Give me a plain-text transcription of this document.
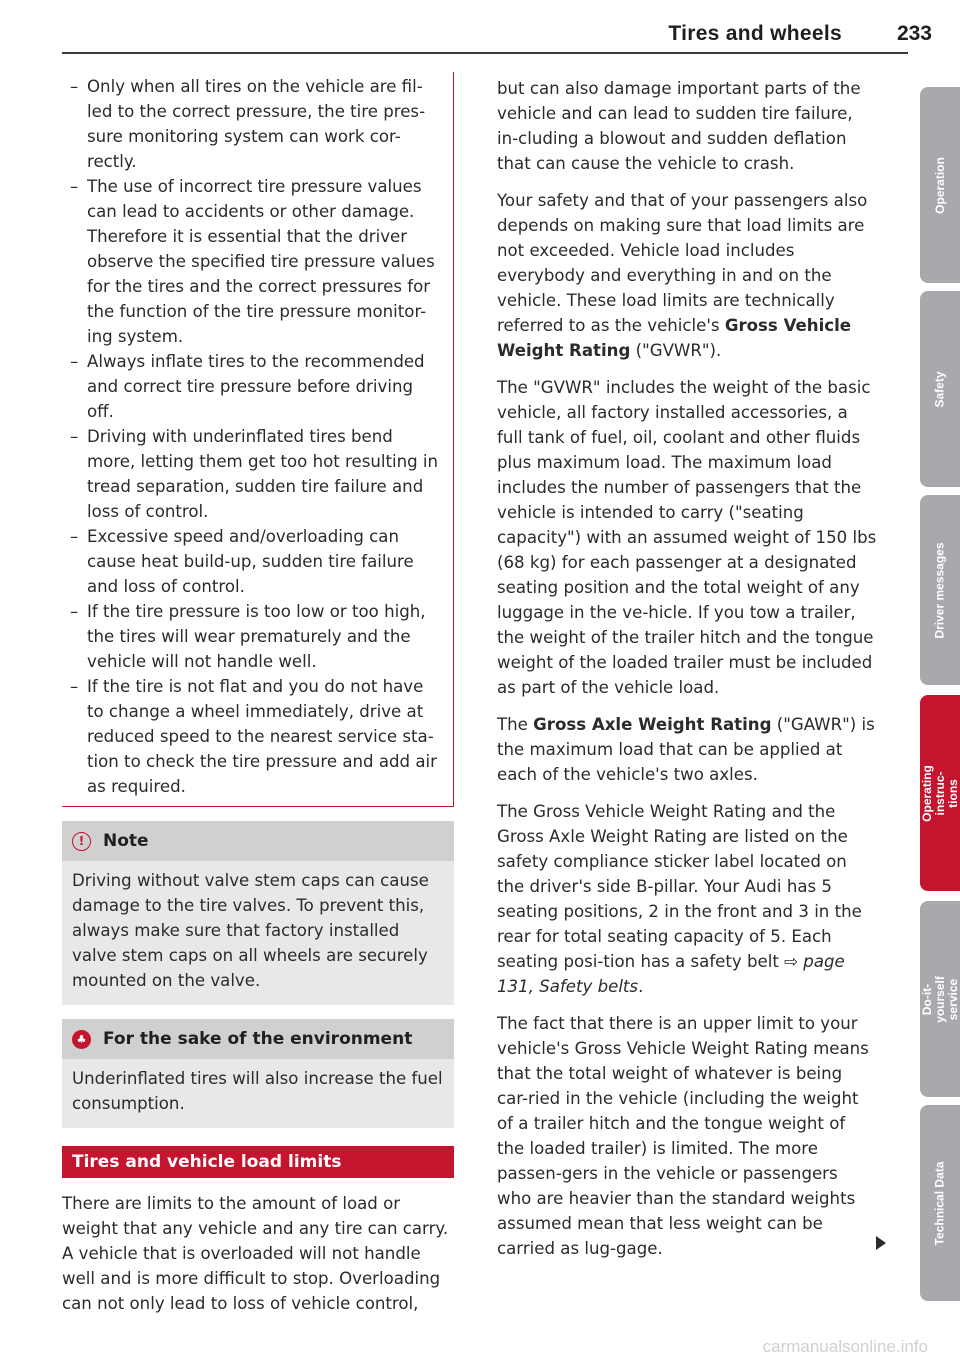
Tires and wheels	233
– Only when all tires on the vehicle are fil-led to the correct pressure, the tire pres-sure monitoring system can work cor-rectly.
– The use of incorrect tire pressure values can lead to accidents or other damage. Therefore it is essential that the driver observe the specified tire pressure values for the tires and the correct pressures for the function of the tire pressure monitor-ing system.
– Always inflate tires to the recommended and correct tire pressure before driving off.
– Driving with underinflated tires bend more, letting them get too hot resulting in tread separation, sudden tire failure and loss of control.
– Excessive speed and/overloading can cause heat build-up, sudden tire failure and loss of control.
– If the tire pressure is too low or too high, the tires will wear prematurely and the vehicle will not handle well.
– If the tire is not flat and you do not have to change a wheel immediately, drive at reduced speed to the nearest service sta-tion to check the tire pressure and add air as required.
!	Note
Driving without valve stem caps can cause damage to the tire valves. To prevent this, always make sure that factory installed valve stem caps on all wheels are securely mounted on the valve.
♣ For the sake of the environment
Underinflated tires will also increase the fuel consumption.
Tires and vehicle load limits

There are limits to the amount of load or weight that any vehicle and any tire can carry. A vehicle that is overloaded will not handle well and is more difficult to stop. Overloading can not only lead to loss of vehicle control,

but can also damage important parts of the vehicle and can lead to sudden tire failure, in-cluding a blowout and sudden deflation that can cause the vehicle to crash.

Your safety and that of your passengers also depends on making sure that load limits are not exceeded. Vehicle load includes everybody and everything in and on the vehicle. These load limits are technically referred to as the vehicle's Gross Vehicle Weight Rating ("GVWR").

The "GVWR" includes the weight of the basic vehicle, all factory installed accessories, a full tank of fuel, oil, coolant and other fluids plus maximum load. The maximum load includes the number of passengers that the vehicle is intended to carry ("seating capacity") with an assumed weight of 150 lbs (68 kg) for each passenger at a designated seating position and the total weight of any luggage in the ve-hicle. If you tow a trailer, the weight of the trailer hitch and the tongue weight of the loaded trailer must be included as part of the vehicle load.

The Gross Axle Weight Rating ("GAWR") is the maximum load that can be applied at each of the vehicle's two axles.

The Gross Vehicle Weight Rating and the Gross Axle Weight Rating are listed on the safety compliance sticker label located on the driver's side B-pillar. Your Audi has 5 seating positions, 2 in the front and 3 in the rear for total seating capacity of 5. Each seating posi-tion has a safety belt ⇨ page 131, Safety belts.

The fact that there is an upper limit to your vehicle's Gross Vehicle Weight Rating means that the total weight of whatever is being car-ried in the vehicle (including the weight of a trailer hitch and the tongue weight of the loaded trailer) is limited. The more passen-gers in the vehicle or passengers who are heavier than the standard weights assumed mean that less weight can be carried as lug-gage.

Operation
Safety
Driver messages
Operating instruc-tions
Do-it-yourself service
Technical Data
carmanualsonline.info
